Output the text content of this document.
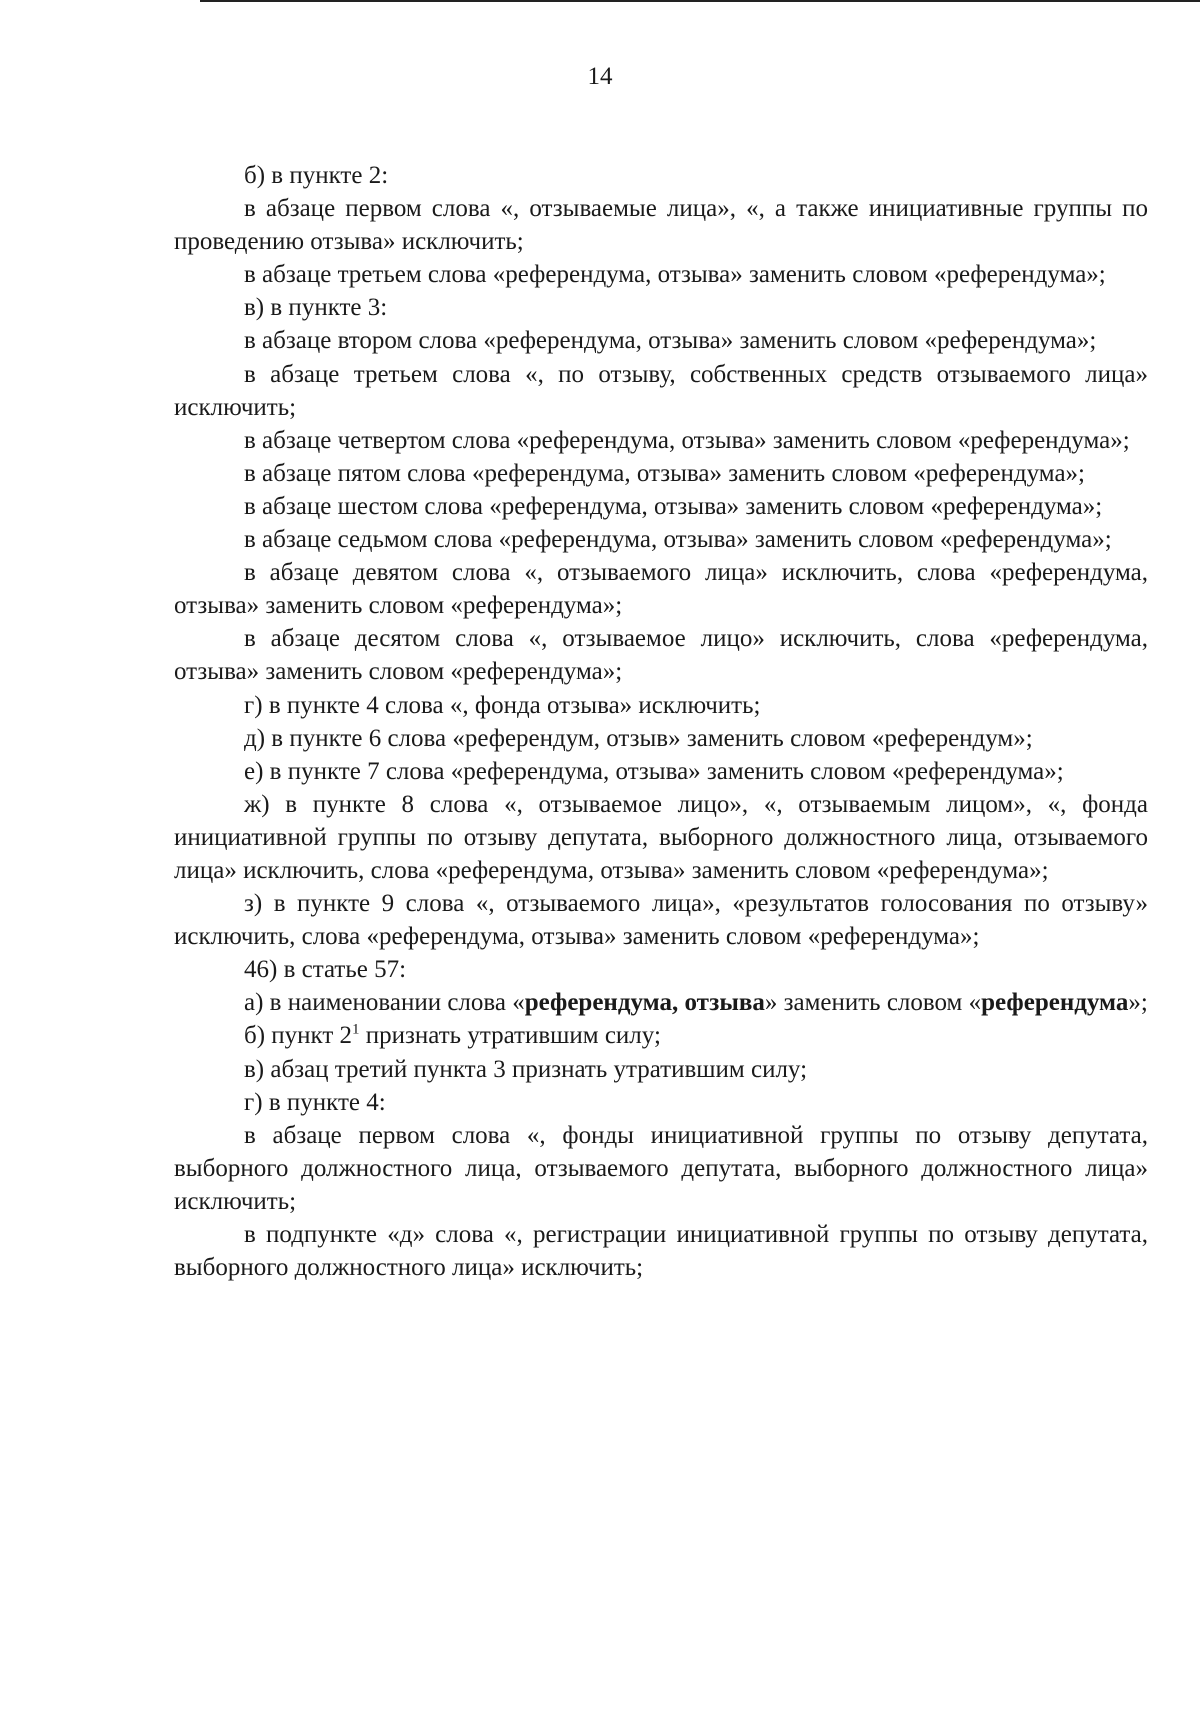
14

б) в пункте 2:

в абзаце первом слова «, отзываемые лица», «, а также инициативные группы по проведению отзыва» исключить;

в абзаце третьем слова «референдума, отзыва» заменить словом «референдума»;

в) в пункте 3:

в абзаце втором слова «референдума, отзыва» заменить словом «референдума»;

в абзаце третьем слова «, по отзыву, собственных средств отзываемого лица» исключить;

в абзаце четвертом слова «референдума, отзыва» заменить словом «референдума»;

в абзаце пятом слова «референдума, отзыва» заменить словом «референдума»;

в абзаце шестом слова «референдума, отзыва» заменить словом «референдума»;

в абзаце седьмом слова «референдума, отзыва» заменить словом «референдума»;

в абзаце девятом слова «, отзываемого лица» исключить, слова «референдума, отзыва» заменить словом «референдума»;

в абзаце десятом слова «, отзываемое лицо» исключить, слова «референдума, отзыва» заменить словом «референдума»;

г) в пункте 4 слова «, фонда отзыва» исключить;

д) в пункте 6 слова «референдум, отзыв» заменить словом «референдум»;

е) в пункте 7 слова «референдума, отзыва» заменить словом «референдума»;

ж) в пункте 8 слова «, отзываемое лицо», «, отзываемым лицом», «, фонда инициативной группы по отзыву депутата, выборного должностного лица, отзываемого лица» исключить, слова «референдума, отзыва» заменить словом «референдума»;

з) в пункте 9 слова «, отзываемого лица», «результатов голосования по отзыву» исключить, слова «референдума, отзыва» заменить словом «референдума»;

46) в статье 57:

а) в наименовании слова «референдума, отзыва» заменить словом «референдума»;

б) пункт $2^1$ признать утратившим силу;

в) абзац третий пункта 3 признать утратившим силу;

г) в пункте 4:

в абзаце первом слова «, фонды инициативной группы по отзыву депутата, выборного должностного лица, отзываемого депутата, выборного должностного лица» исключить;

в подпункте «д» слова «, регистрации инициативной группы по отзыву депутата, выборного должностного лица» исключить;
